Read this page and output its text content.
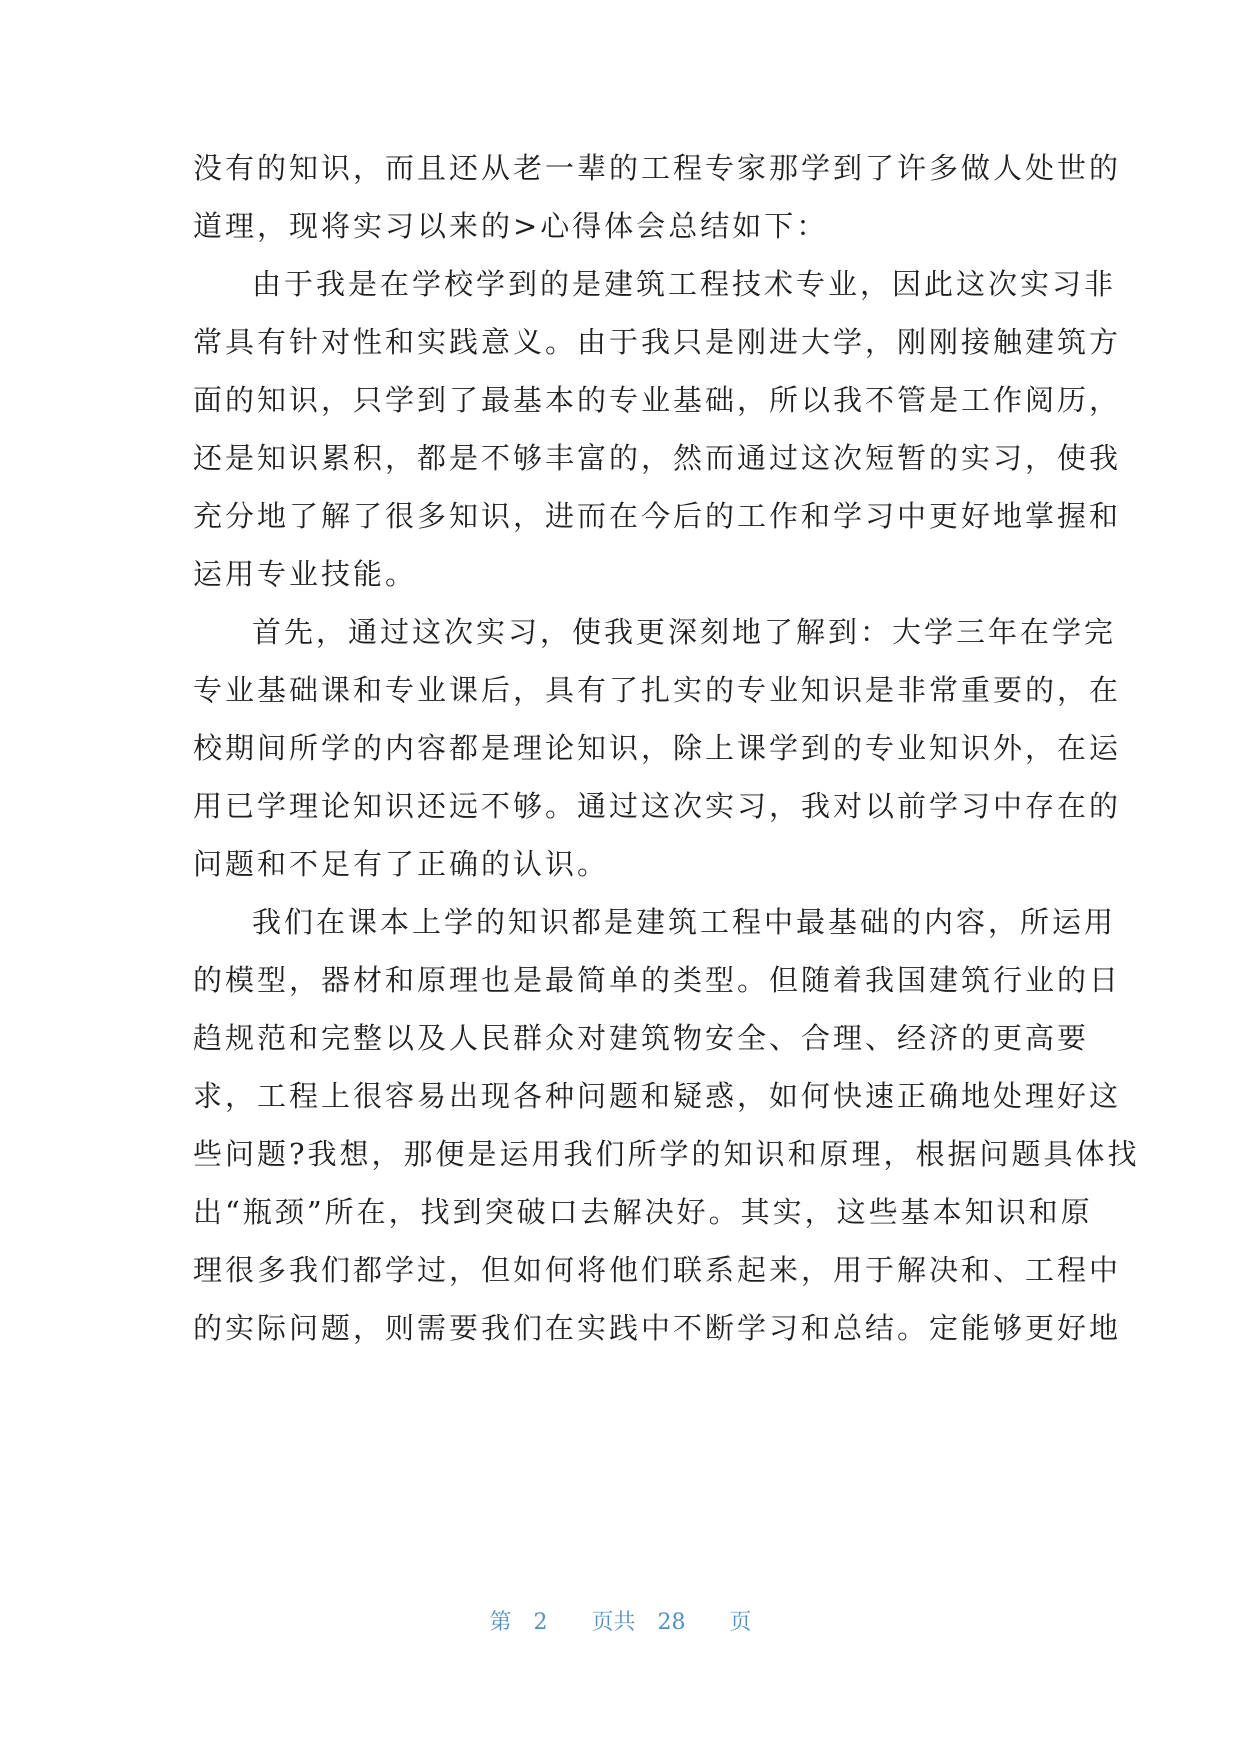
没有的知识，而且还从老一辈的工程专家那学到了许多做人处世的
道理，现将实习以来的>心得体会总结如下：
由于我是在学校学到的是建筑工程技术专业，因此这次实习非
常具有针对性和实践意义。由于我只是刚进大学，刚刚接触建筑方
面的知识，只学到了最基本的专业基础，所以我不管是工作阅历，
还是知识累积，都是不够丰富的，然而通过这次短暂的实习，使我
充分地了解了很多知识，进而在今后的工作和学习中更好地掌握和
运用专业技能。
首先，通过这次实习，使我更深刻地了解到：大学三年在学完
专业基础课和专业课后，具有了扎实的专业知识是非常重要的，在
校期间所学的内容都是理论知识，除上课学到的专业知识外，在运
用已学理论知识还远不够。通过这次实习，我对以前学习中存在的
问题和不足有了正确的认识。
我们在课本上学的知识都是建筑工程中最基础的内容，所运用
的模型，器材和原理也是最简单的类型。但随着我国建筑行业的日
趋规范和完整以及人民群众对建筑物安全、合理、经济的更高要
求，工程上很容易出现各种问题和疑惑，如何快速正确地处理好这
些问题?我想，那便是运用我们所学的知识和原理，根据问题具体找
出“瓶颈”所在，找到突破口去解决好。其实，这些基本知识和原
理很多我们都学过，但如何将他们联系起来，用于解决和、工程中
的实际问题，则需要我们在实践中不断学习和总结。定能够更好地
第 2 页共 28 页
